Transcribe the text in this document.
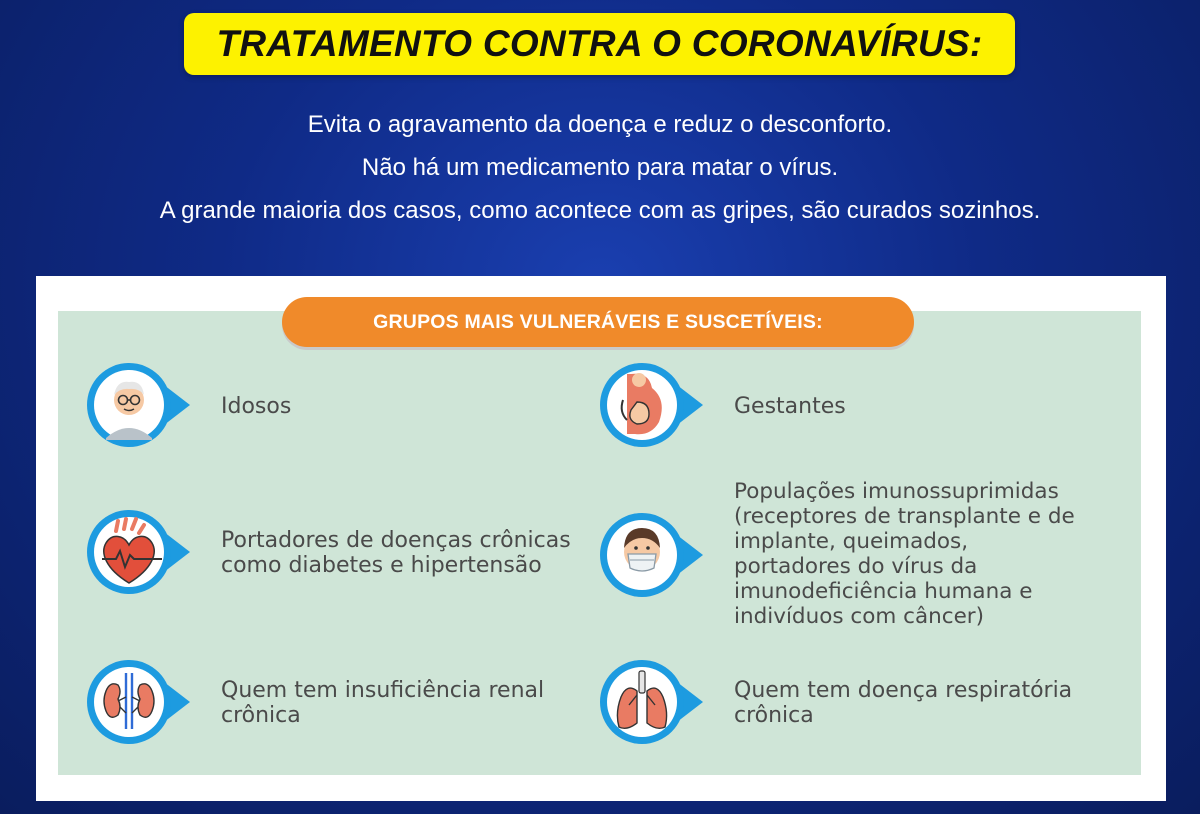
TRATAMENTO CONTRA O CORONAVÍRUS:

Evita o agravamento da doença e reduz o desconforto.

Não há um medicamento para matar o vírus.

A grande maioria dos casos, como acontece com as gripes, são curados sozinhos.

GRUPOS MAIS VULNERÁVEIS E SUSCETÍVEIS:
Idosos	Gestantes
Portadores de doenças crônicas
como diabetes e hipertensão
Populações imunossuprimidas
(receptores de transplante e de
implante, queimados,
portadores do vírus da
imunodeficiência humana e
indivíduos com câncer)
Quem tem insuficiência renal
crônica
Quem tem doença respiratória
crônica
